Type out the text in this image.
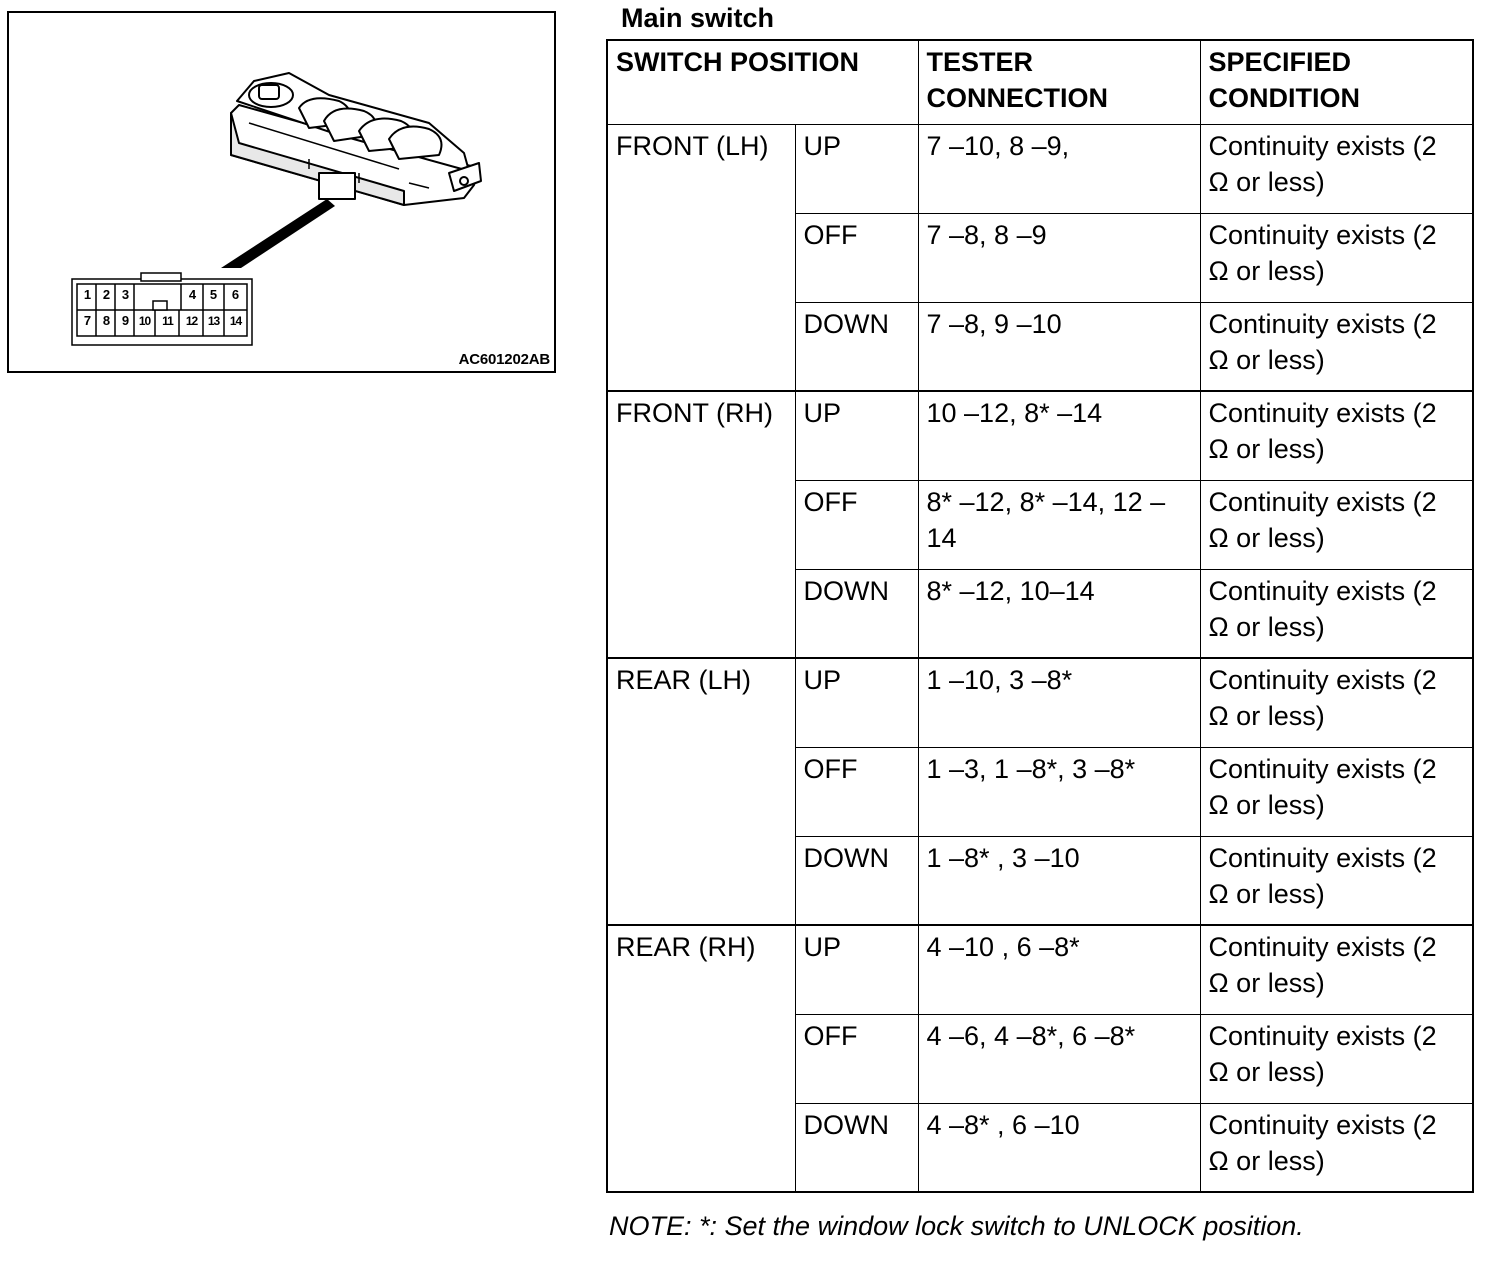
1 2 3	4	5	6
7 8 9 10 11	12 13 14
AC601202AB
Main switch
SWITCH POSITION		TESTER CONNECTION	SPECIFIED CONDITION
FRONT (LH)	UP	7 –10, 8 –9,	Continuity exists (2 Ω or less)
	OFF	7 –8, 8 –9	Continuity exists (2 Ω or less)
	DOWN	7 –8, 9 –10	Continuity exists (2 Ω or less)
FRONT (RH)	UP	10 –12, 8* –14	Continuity exists (2 Ω or less)
	OFF	8* –12, 8* –14, 12 –14	Continuity exists (2 Ω or less)
	DOWN	8* –12, 10–14	Continuity exists (2 Ω or less)
REAR (LH)	UP	1 –10, 3 –8*	Continuity exists (2 Ω or less)
	OFF	1 –3, 1 –8*, 3 –8*	Continuity exists (2 Ω or less)
	DOWN	1 –8* , 3 –10	Continuity exists (2 Ω or less)
REAR (RH)	UP	4 –10 , 6 –8*	Continuity exists (2 Ω or less)
	OFF	4 –6, 4 –8*, 6 –8*	Continuity exists (2 Ω or less)
	DOWN	4 –8* , 6 –10	Continuity exists (2 Ω or less)
NOTE: *: Set the window lock switch to UNLOCK position.
